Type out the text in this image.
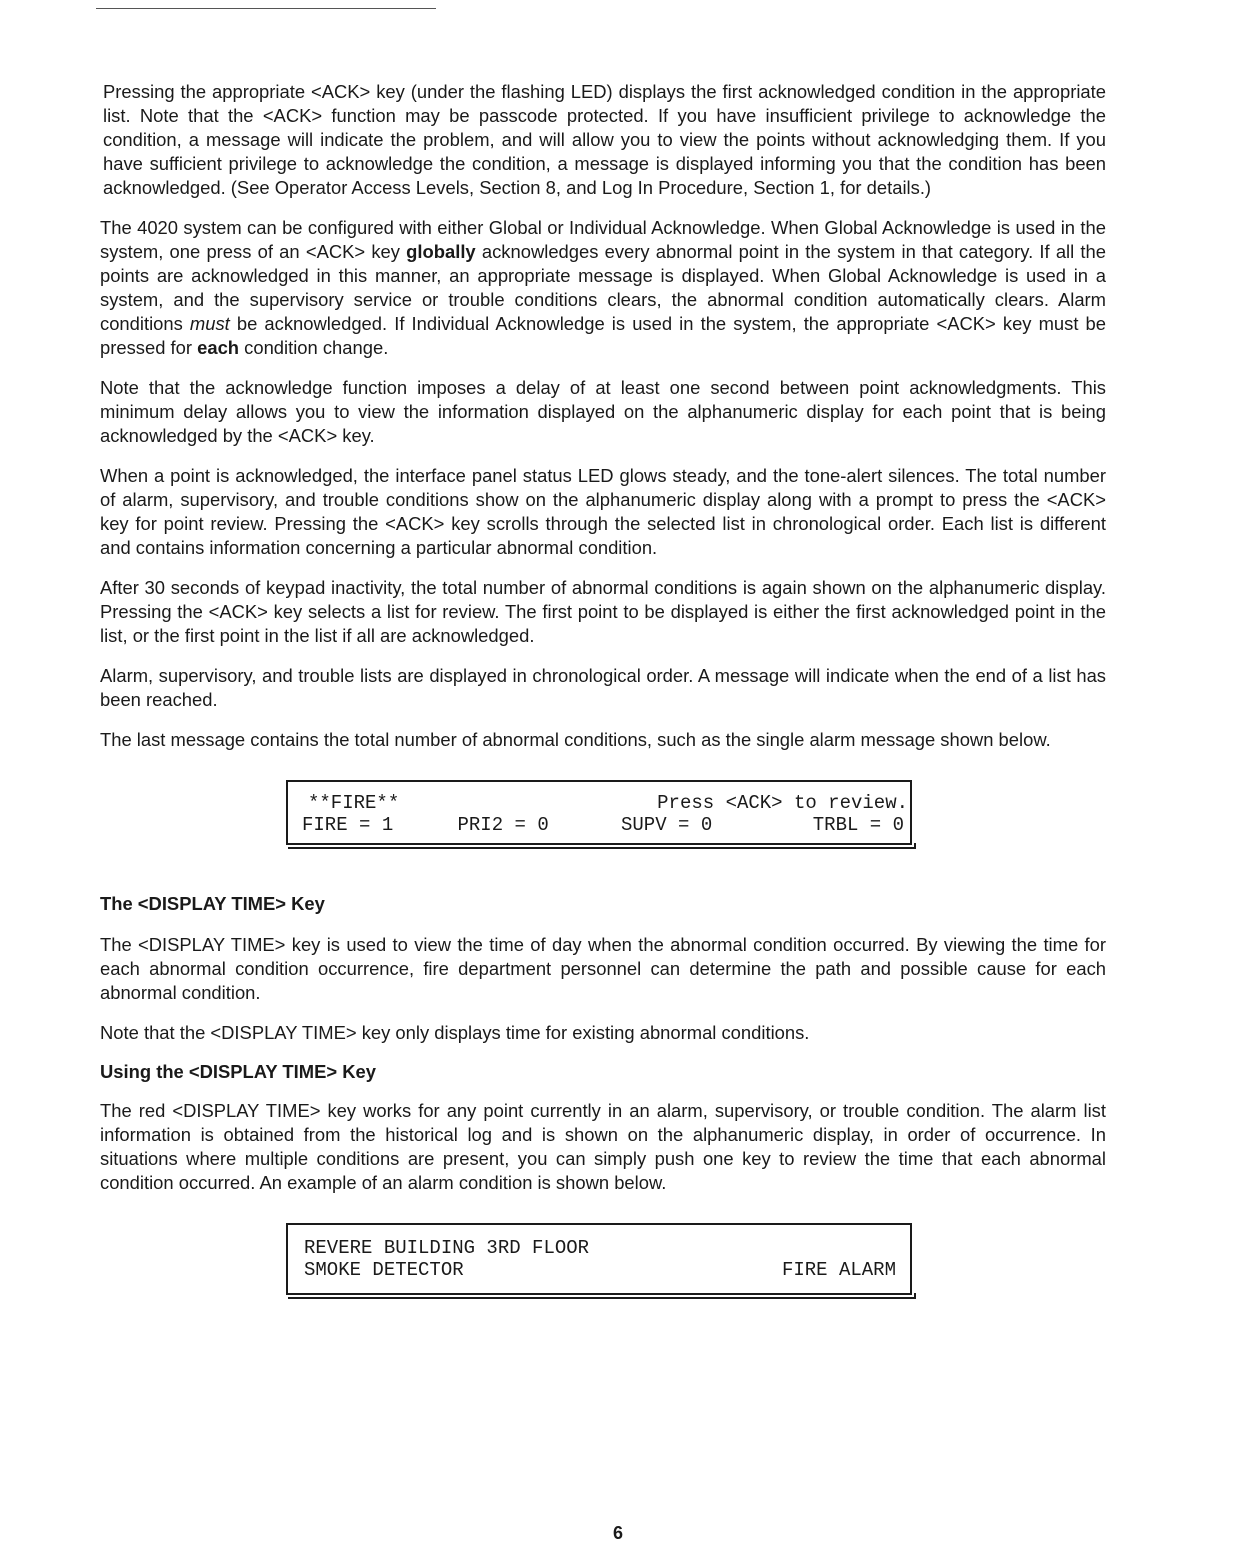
Pressing the appropriate <ACK> key (under the flashing LED) displays the first acknowledged condition in the appropriate list. Note that the <ACK> function may be passcode protected. If you have insufficient privilege to acknowledge the condition, a message will indicate the problem, and will allow you to view the points without acknowledging them. If you have sufficient privilege to acknowledge the condition, a message is displayed informing you that the condition has been acknowledged. (See Operator Access Levels, Section 8, and Log In Procedure, Section 1, for details.)

The 4020 system can be configured with either Global or Individual Acknowledge. When Global Acknowledge is used in the system, one press of an <ACK> key globally acknowledges every abnormal point in the system in that category. If all the points are acknowledged in this manner, an appropriate message is displayed. When Global Acknowledge is used in a system, and the supervisory service or trouble conditions clears, the abnormal condition automatically clears. Alarm conditions must be acknowledged. If Individual Acknowledge is used in the system, the appropriate <ACK> key must be pressed for each condition change.

Note that the acknowledge function imposes a delay of at least one second between point acknowledgments. This minimum delay allows you to view the information displayed on the alphanumeric display for each point that is being acknowledged by the <ACK> key.

When a point is acknowledged, the interface panel status LED glows steady, and the tone-alert silences. The total number of alarm, supervisory, and trouble conditions show on the alphanumeric display along with a prompt to press the <ACK> key for point review. Pressing the <ACK> key scrolls through the selected list in chronological order. Each list is different and contains information concerning a particular abnormal condition.

After 30 seconds of keypad inactivity, the total number of abnormal conditions is again shown on the alphanumeric display. Pressing the <ACK> key selects a list for review. The first point to be displayed is either the first acknowledged point in the list, or the first point in the list if all are acknowledged.

Alarm, supervisory, and trouble lists are displayed in chronological order. A message will indicate when the end of a list has been reached.

The last message contains the total number of abnormal conditions, such as the single alarm message shown below.

**FIRE**	Press <ACK> to review.
FIRE = 1	PRI2 = 0	SUPV = 0	TRBL = 0
The <DISPLAY TIME> Key

The <DISPLAY TIME> key is used to view the time of day when the abnormal condition occurred. By viewing the time for each abnormal condition occurrence, fire department personnel can determine the path and possible cause for each abnormal condition.

Note that the <DISPLAY TIME> key only displays time for existing abnormal conditions.

Using the <DISPLAY TIME> Key

The red <DISPLAY TIME> key works for any point currently in an alarm, supervisory, or trouble condition. The alarm list information is obtained from the historical log and is shown on the alphanumeric display, in order of occurrence. In situations where multiple conditions are present, you can simply push one key to review the time that each abnormal condition occurred. An example of an alarm condition is shown below.

REVERE BUILDING 3RD FLOOR
SMOKE DETECTOR	FIRE ALARM
6
